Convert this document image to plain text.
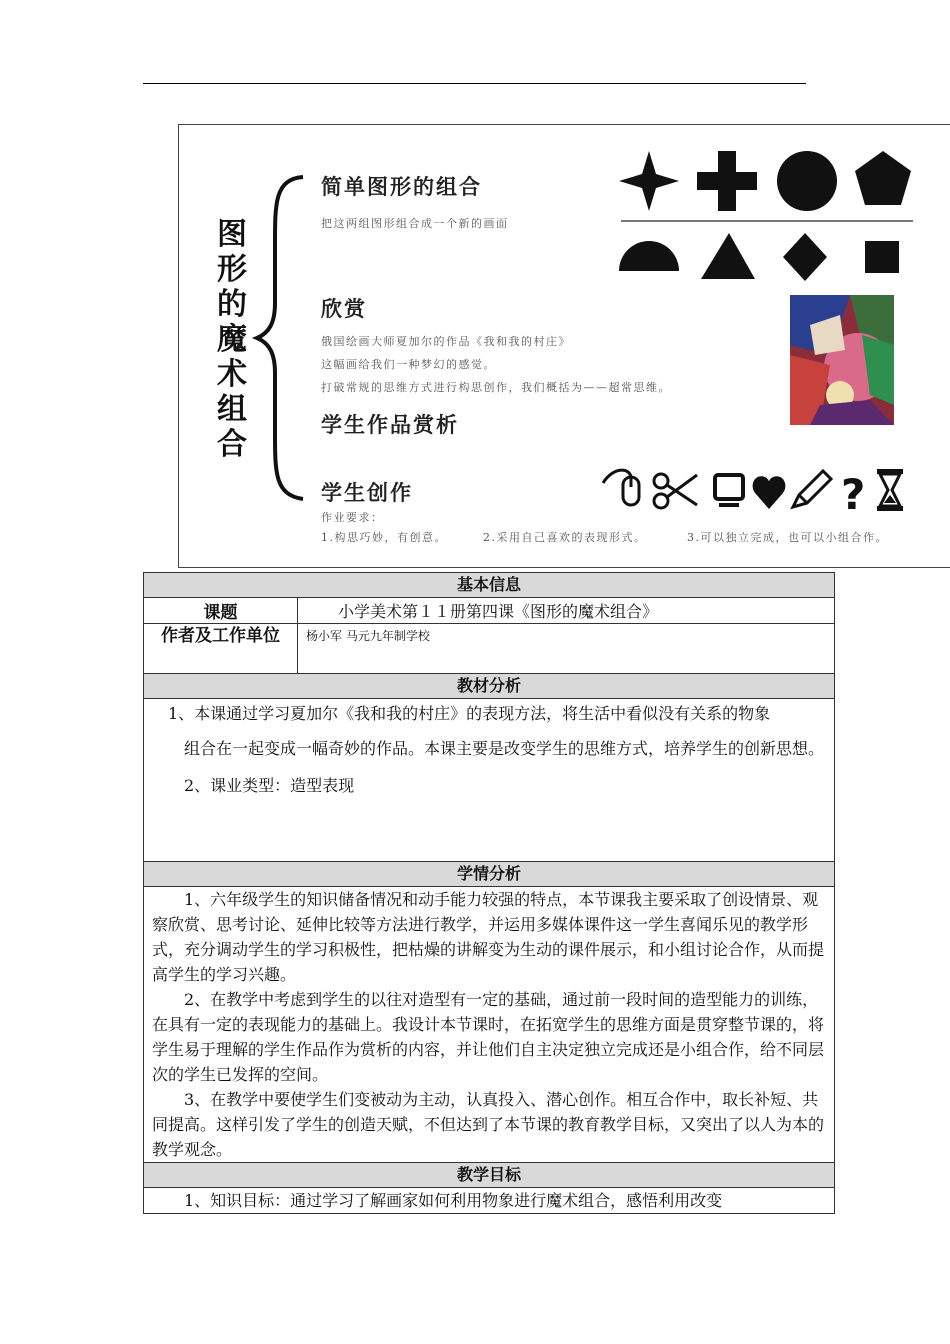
图形的魔术组合
简单图形的组合
把这两组图形组合成一个新的画面
欣赏
俄国绘画大师夏加尔的作品《我和我的村庄》
这幅画给我们一种梦幻的感觉。
打破常规的思维方式进行构思创作，我们概括为——超常思维。
学生作品赏析
学生创作
作业要求：
1.构思巧妙，有创意。	2.采用自己喜欢的表现形式。	3.可以独立完成，也可以小组合作。
?
基本信息	
课题	小学美术第１１册第四课《图形的魔术组合》
作者及工作单位	杨小军 马元九年制学校
教材分析	

1、本课通过学习夏加尔《我和我的村庄》的表现方法，将生活中看似没有关系的物象

组合在一起变成一幅奇妙的作品。本课主要是改变学生的思维方式，培养学生的创新思想。

2、课业类型：造型表现	

学情分析	

1、六年级学生的知识储备情况和动手能力较强的特点，本节课我主要采取了创设情景、观察欣赏、思考讨论、延伸比较等方法进行教学，并运用多媒体课件这一学生喜闻乐见的教学形式，充分调动学生的学习积极性，把枯燥的讲解变为生动的课件展示，和小组讨论合作，从而提高学生的学习兴趣。

2、在教学中考虑到学生的以往对造型有一定的基础，通过前一段时间的造型能力的训练，在具有一定的表现能力的基础上。我设计本节课时，在拓宽学生的思维方面是贯穿整节课的，将学生易于理解的学生作品作为赏析的内容，并让他们自主决定独立完成还是小组合作，给不同层次的学生已发挥的空间。

3、在教学中要使学生们变被动为主动，认真投入、潜心创作。相互合作中，取长补短、共同提高。这样引发了学生的创造天赋，不但达到了本节课的教育教学目标，又突出了以人为本的教学观念。	

教学目标	

1、知识目标：通过学习了解画家如何利用物象进行魔术组合，感悟利用改变	
